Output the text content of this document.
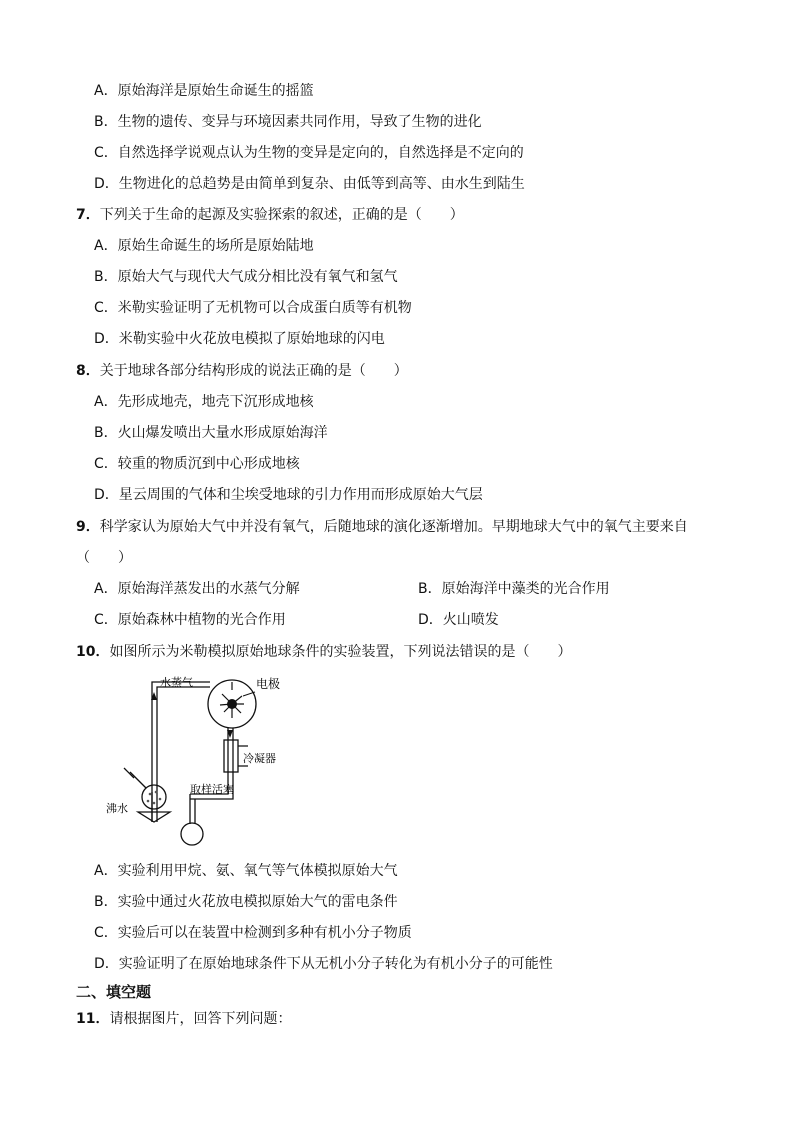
A．原始海洋是原始生命诞生的摇篮
B．生物的遗传、变异与环境因素共同作用，导致了生物的进化
C．自然选择学说观点认为生物的变异是定向的，自然选择是不定向的
D．生物进化的总趋势是由简单到复杂、由低等到高等、由水生到陆生
7．下列关于生命的起源及实验探索的叙述，正确的是（　　）
A．原始生命诞生的场所是原始陆地
B．原始大气与现代大气成分相比没有氧气和氢气
C．米勒实验证明了无机物可以合成蛋白质等有机物
D．米勒实验中火花放电模拟了原始地球的闪电
8．关于地球各部分结构形成的说法正确的是（　　）
A．先形成地壳，地壳下沉形成地核
B．火山爆发喷出大量水形成原始海洋
C．较重的物质沉到中心形成地核
D．星云周围的气体和尘埃受地球的引力作用而形成原始大气层
9．科学家认为原始大气中并没有氧气，后随地球的演化逐渐增加。早期地球大气中的氧气主要来自
（　　）
A．原始海洋蒸发出的水蒸气分解	B．原始海洋中藻类的光合作用
C．原始森林中植物的光合作用	D．火山喷发
10．如图所示为米勒模拟原始地球条件的实验装置，下列说法错误的是（　　）
水蒸气	电极
冷凝器
取样活塞
沸水
A．实验利用甲烷、氨、氧气等气体模拟原始大气
B．实验中通过火花放电模拟原始大气的雷电条件
C．实验后可以在装置中检测到多种有机小分子物质
D．实验证明了在原始地球条件下从无机小分子转化为有机小分子的可能性
二、填空题
11．请根据图片，回答下列问题：
